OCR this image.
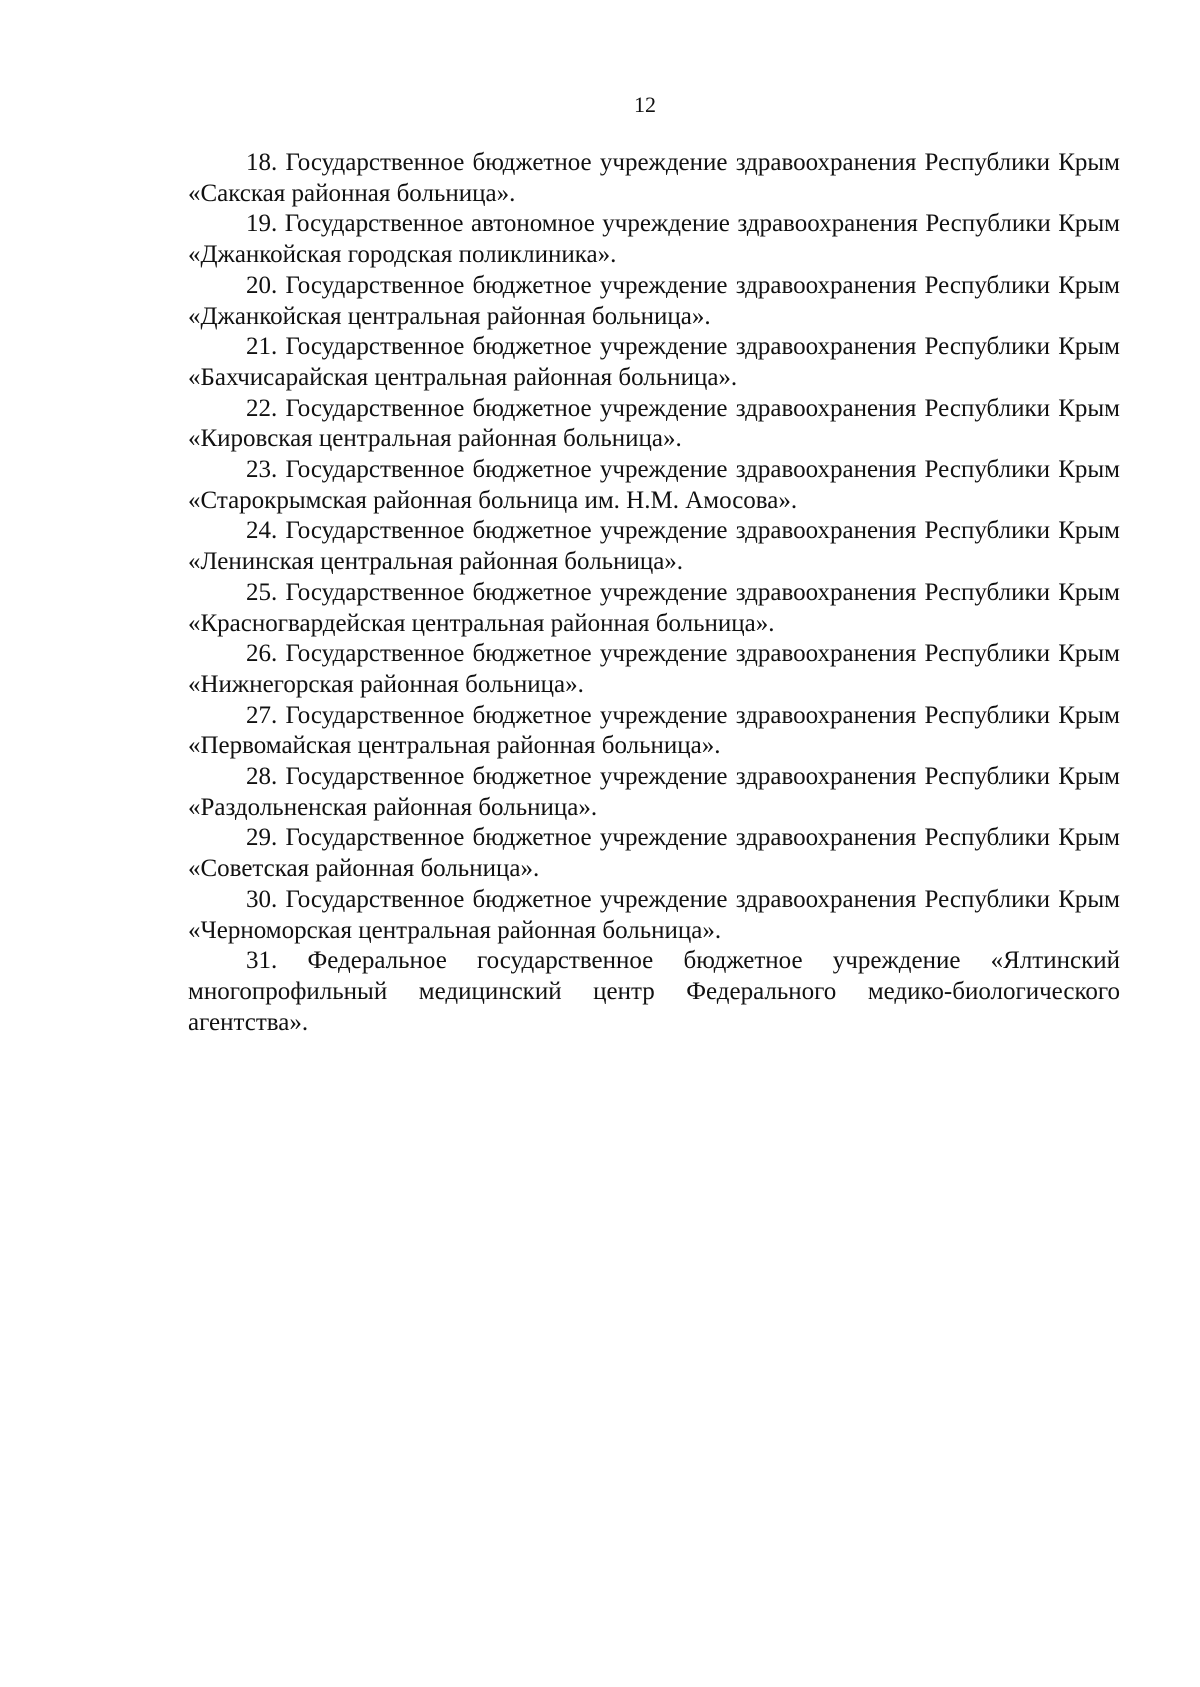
12

18. Государственное бюджетное учреждение здравоохранения Республики Крым «Сакская районная больница».

19. Государственное автономное учреждение здравоохранения Республики Крым «Джанкойская городская поликлиника».

20. Государственное бюджетное учреждение здравоохранения Республики Крым «Джанкойская центральная районная больница».

21. Государственное бюджетное учреждение здравоохранения Республики Крым «Бахчисарайская центральная районная больница».

22. Государственное бюджетное учреждение здравоохранения Республики Крым «Кировская центральная районная больница».

23. Государственное бюджетное учреждение здравоохранения Республики Крым «Старокрымская районная больница им. Н.М. Амосова».

24. Государственное бюджетное учреждение здравоохранения Республики Крым «Ленинская центральная районная больница».

25. Государственное бюджетное учреждение здравоохранения Республики Крым «Красногвардейская центральная районная больница».

26. Государственное бюджетное учреждение здравоохранения Республики Крым «Нижнегорская районная больница».

27. Государственное бюджетное учреждение здравоохранения Республики Крым «Первомайская центральная районная больница».

28. Государственное бюджетное учреждение здравоохранения Республики Крым «Раздольненская районная больница».

29. Государственное бюджетное учреждение здравоохранения Республики Крым «Советская районная больница».

30. Государственное бюджетное учреждение здравоохранения Республики Крым «Черноморская центральная районная больница».

31. Федеральное государственное бюджетное учреждение «Ялтинский многопрофильный медицинский центр Федерального медико-биологического агентства».
